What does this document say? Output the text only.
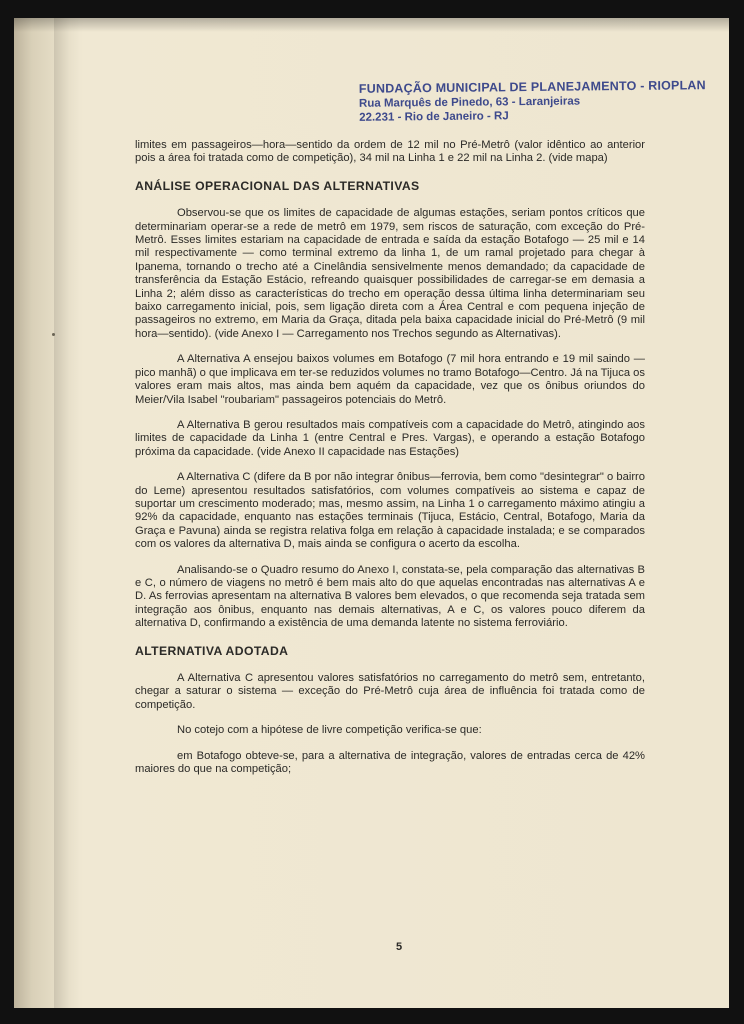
FUNDAÇÃO MUNICIPAL DE PLANEJAMENTO - RIOPLAN
Rua Marquês de Pinedo, 63 - Laranjeiras
22.231 - Rio de Janeiro - RJ

limites em passageiros—hora—sentido da ordem de 12 mil no Pré-Metrô (valor idêntico ao anterior pois a área foi tratada como de competição), 34 mil na Linha 1 e 22 mil na Linha 2. (vide mapa)

ANÁLISE OPERACIONAL DAS ALTERNATIVAS

Observou-se que os limites de capacidade de algumas estações, seriam pontos críticos que determinariam operar-se a rede de metrô em 1979, sem riscos de saturação, com exceção do Pré-Metrô. Esses limites estariam na capacidade de entrada e saída da estação Botafogo — 25 mil e 14 mil respectivamente — como terminal extremo da linha 1, de um ramal projetado para chegar à Ipanema, tornando o trecho até a Cinelândia sensivelmente menos demandado; da capacidade de transferência da Estação Estácio, refreando quaisquer possibilidades de carregar-se em demasia a Linha 2; além disso as características do trecho em operação dessa última linha determinariam seu baixo carregamento inicial, pois, sem ligação direta com a Área Central e com pequena injeção de passageiros no extremo, em Maria da Graça, ditada pela baixa capacidade inicial do Pré-Metrô (9 mil hora—sentido). (vide Anexo I — Carregamento nos Trechos segundo as Alternativas).

A Alternativa A ensejou baixos volumes em Botafogo (7 mil hora entrando e 19 mil saindo — pico manhã) o que implicava em ter-se reduzidos volumes no tramo Botafogo—Centro. Já na Tijuca os valores eram mais altos, mas ainda bem aquém da capacidade, vez que os ônibus oriundos do Meier/Vila Isabel "roubariam" passageiros potenciais do Metrô.

A Alternativa B gerou resultados mais compatíveis com a capacidade do Metrô, atingindo aos limites de capacidade da Linha 1 (entre Central e Pres. Vargas), e operando a estação Botafogo próxima da capacidade. (vide Anexo II capacidade nas Estações)

A Alternativa C (difere da B por não integrar ônibus—ferrovia, bem como "desintegrar" o bairro do Leme) apresentou resultados satisfatórios, com volumes compatíveis ao sistema e capaz de suportar um crescimento moderado; mas, mesmo assim, na Linha 1 o carregamento máximo atingiu a 92% da capacidade, enquanto nas estações terminais (Tijuca, Estácio, Central, Botafogo, Maria da Graça e Pavuna) ainda se registra relativa folga em relação à capacidade instalada; e se comparados com os valores da alternativa D, mais ainda se configura o acerto da escolha.

Analisando-se o Quadro resumo do Anexo I, constata-se, pela comparação das alternativas B e C, o número de viagens no metrô é bem mais alto do que aquelas encontradas nas alternativas A e D. As ferrovias apresentam na alternativa B valores bem elevados, o que recomenda seja tratada sem integração aos ônibus, enquanto nas demais alternativas, A e C, os valores pouco diferem da alternativa D, confirmando a existência de uma demanda latente no sistema ferroviário.

ALTERNATIVA ADOTADA

A Alternativa C apresentou valores satisfatórios no carregamento do metrô sem, entretanto, chegar a saturar o sistema — exceção do Pré-Metrô cuja área de influência foi tratada como de competição.

No cotejo com a hipótese de livre competição verifica-se que:

em Botafogo obteve-se, para a alternativa de integração, valores de entradas cerca de 42% maiores do que na competição;

5
